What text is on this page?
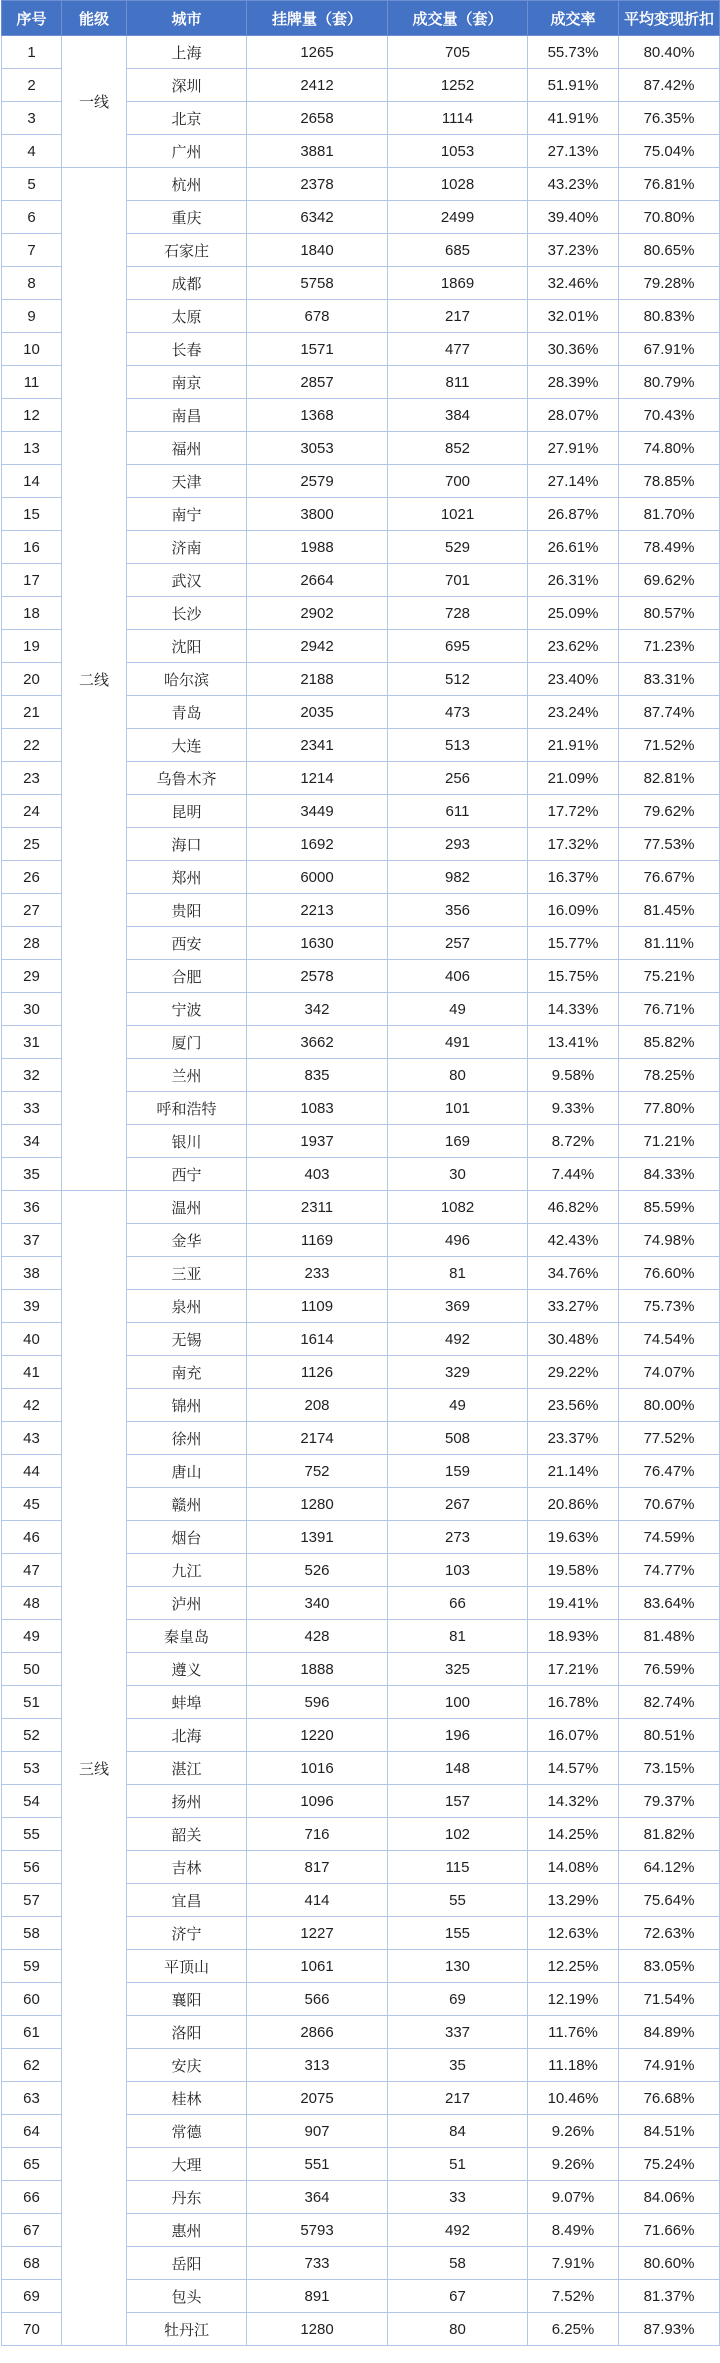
序号	能级	城市	挂牌量（套）	成交量（套）	成交率	平均变现折扣
1	一线	上海	1265	705	55.73%	80.40%
2		深圳	2412	1252	51.91%	87.42%
3		北京	2658	1114	41.91%	76.35%
4		广州	3881	1053	27.13%	75.04%
5	二线	杭州	2378	1028	43.23%	76.81%
6		重庆	6342	2499	39.40%	70.80%
7		石家庄	1840	685	37.23%	80.65%
8		成都	5758	1869	32.46%	79.28%
9		太原	678	217	32.01%	80.83%
10		长春	1571	477	30.36%	67.91%
11		南京	2857	811	28.39%	80.79%
12		南昌	1368	384	28.07%	70.43%
13		福州	3053	852	27.91%	74.80%
14		天津	2579	700	27.14%	78.85%
15		南宁	3800	1021	26.87%	81.70%
16		济南	1988	529	26.61%	78.49%
17		武汉	2664	701	26.31%	69.62%
18		长沙	2902	728	25.09%	80.57%
19		沈阳	2942	695	23.62%	71.23%
20		哈尔滨	2188	512	23.40%	83.31%
21		青岛	2035	473	23.24%	87.74%
22		大连	2341	513	21.91%	71.52%
23		乌鲁木齐	1214	256	21.09%	82.81%
24		昆明	3449	611	17.72%	79.62%
25		海口	1692	293	17.32%	77.53%
26		郑州	6000	982	16.37%	76.67%
27		贵阳	2213	356	16.09%	81.45%
28		西安	1630	257	15.77%	81.11%
29		合肥	2578	406	15.75%	75.21%
30		宁波	342	49	14.33%	76.71%
31		厦门	3662	491	13.41%	85.82%
32		兰州	835	80	9.58%	78.25%
33		呼和浩特	1083	101	9.33%	77.80%
34		银川	1937	169	8.72%	71.21%
35		西宁	403	30	7.44%	84.33%
36	三线	温州	2311	1082	46.82%	85.59%
37		金华	1169	496	42.43%	74.98%
38		三亚	233	81	34.76%	76.60%
39		泉州	1109	369	33.27%	75.73%
40		无锡	1614	492	30.48%	74.54%
41		南充	1126	329	29.22%	74.07%
42		锦州	208	49	23.56%	80.00%
43		徐州	2174	508	23.37%	77.52%
44		唐山	752	159	21.14%	76.47%
45		赣州	1280	267	20.86%	70.67%
46		烟台	1391	273	19.63%	74.59%
47		九江	526	103	19.58%	74.77%
48		泸州	340	66	19.41%	83.64%
49		秦皇岛	428	81	18.93%	81.48%
50		遵义	1888	325	17.21%	76.59%
51		蚌埠	596	100	16.78%	82.74%
52		北海	1220	196	16.07%	80.51%
53		湛江	1016	148	14.57%	73.15%
54		扬州	1096	157	14.32%	79.37%
55		韶关	716	102	14.25%	81.82%
56		吉林	817	115	14.08%	64.12%
57		宜昌	414	55	13.29%	75.64%
58		济宁	1227	155	12.63%	72.63%
59		平顶山	1061	130	12.25%	83.05%
60		襄阳	566	69	12.19%	71.54%
61		洛阳	2866	337	11.76%	84.89%
62		安庆	313	35	11.18%	74.91%
63		桂林	2075	217	10.46%	76.68%
64		常德	907	84	9.26%	84.51%
65		大理	551	51	9.26%	75.24%
66		丹东	364	33	9.07%	84.06%
67		惠州	5793	492	8.49%	71.66%
68		岳阳	733	58	7.91%	80.60%
69		包头	891	67	7.52%	81.37%
70		牡丹江	1280	80	6.25%	87.93%
